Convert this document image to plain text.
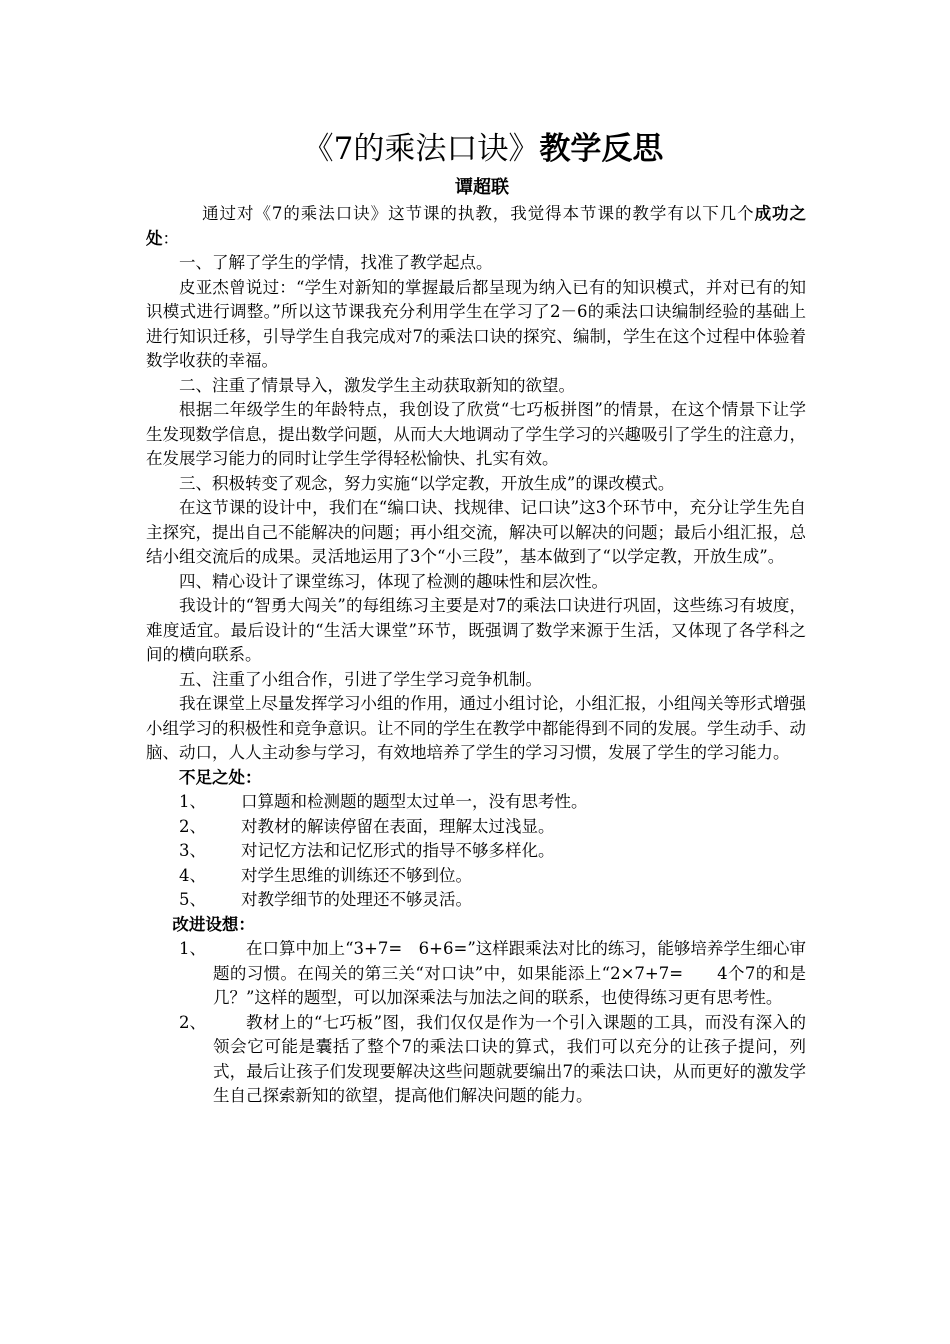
《7的乘法口诀》教学反思

谭超联

通过对《7的乘法口诀》这节课的执教，我觉得本节课的教学有以下几个成功之处：

一、了解了学生的学情，找准了教学起点。

皮亚杰曾说过：“学生对新知的掌握最后都呈现为纳入已有的知识模式，并对已有的知识模式进行调整。”所以这节课我充分利用学生在学习了2－6的乘法口诀编制经验的基础上进行知识迁移，引导学生自我完成对7的乘法口诀的探究、编制，学生在这个过程中体验着数学收获的幸福。

二、注重了情景导入，激发学生主动获取新知的欲望。

根据二年级学生的年龄特点，我创设了欣赏“七巧板拼图”的情景，在这个情景下让学生发现数学信息，提出数学问题，从而大大地调动了学生学习的兴趣吸引了学生的注意力，在发展学习能力的同时让学生学得轻松愉快、扎实有效。

三、积极转变了观念，努力实施“以学定教，开放生成”的课改模式。

在这节课的设计中，我们在“编口诀、找规律、记口诀”这3个环节中，充分让学生先自主探究，提出自己不能解决的问题；再小组交流，解决可以解决的问题；最后小组汇报，总结小组交流后的成果。灵活地运用了3个“小三段”，基本做到了“以学定教，开放生成”。

四、精心设计了课堂练习，体现了检测的趣味性和层次性。

我设计的“智勇大闯关”的每组练习主要是对7的乘法口诀进行巩固，这些练习有坡度，难度适宜。最后设计的“生活大课堂”环节，既强调了数学来源于生活，又体现了各学科之间的横向联系。

五、注重了小组合作，引进了学生学习竞争机制。

我在课堂上尽量发挥学习小组的作用，通过小组讨论，小组汇报，小组闯关等形式增强小组学习的积极性和竞争意识。让不同的学生在教学中都能得到不同的发展。学生动手、动脑、动口，人人主动参与学习，有效地培养了学生的学习习惯，发展了学生的学习能力。

不足之处：

1、	口算题和检测题的题型太过单一，没有思考性。
2、	对教材的解读停留在表面，理解太过浅显。
3、	对记忆方法和记忆形式的指导不够多样化。
4、	对学生思维的训练还不够到位。
5、	对教学细节的处理还不够灵活。

改进设想：

1、	在口算中加上“3+7=　6+6=”这样跟乘法对比的练习，能够培养学生细心审题的习惯。在闯关的第三关“对口诀”中，如果能添上“2×7+7=　　4个7的和是几？”这样的题型，可以加深乘法与加法之间的联系，也使得练习更有思考性。
2、	教材上的“七巧板”图，我们仅仅是作为一个引入课题的工具，而没有深入的领会它可能是囊括了整个7的乘法口诀的算式，我们可以充分的让孩子提问，列式，最后让孩子们发现要解决这些问题就要编出7的乘法口诀，从而更好的激发学生自己探索新知的欲望，提高他们解决问题的能力。
